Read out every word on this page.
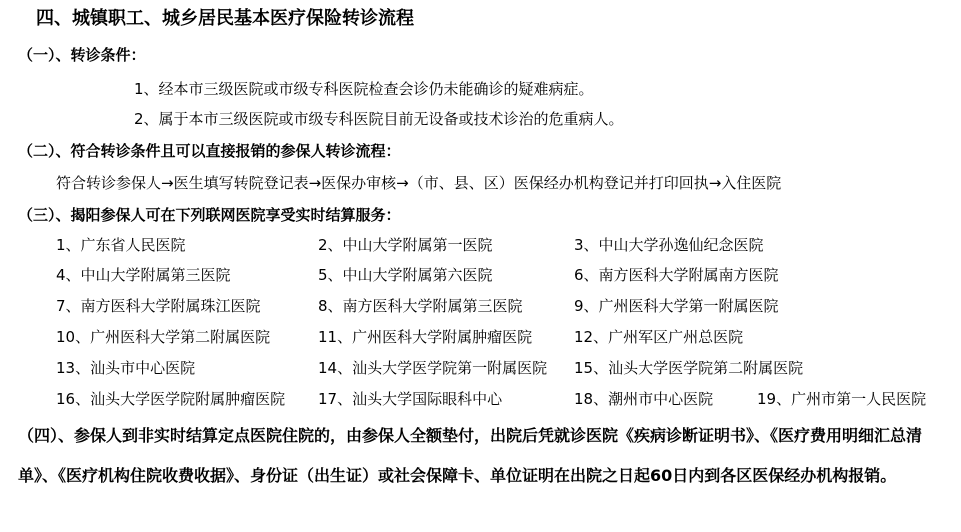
四、城镇职工、城乡居民基本医疗保险转诊流程
（一）、转诊条件：
1、经本市三级医院或市级专科医院检查会诊仍未能确诊的疑难病症。
2、属于本市三级医院或市级专科医院目前无设备或技术诊治的危重病人。
（二）、符合转诊条件且可以直接报销的参保人转诊流程：
符合转诊参保人→医生填写转院登记表→医保办审核→（市、县、区）医保经办机构登记并打印回执→入住医院
（三）、揭阳参保人可在下列联网医院享受实时结算服务：
1、广东省人民医院	2、中山大学附属第一医院	3、中山大学孙逸仙纪念医院
4、中山大学附属第三医院	5、中山大学附属第六医院	6、南方医科大学附属南方医院
7、南方医科大学附属珠江医院	8、南方医科大学附属第三医院	9、广州医科大学第一附属医院
10、广州医科大学第二附属医院	11、广州医科大学附属肿瘤医院	12、广州军区广州总医院
13、汕头市中心医院	14、汕头大学医学院第一附属医院 15、汕头大学医学院第二附属医院
16、汕头大学医学院附属肿瘤医院 17、汕头大学国际眼科中心	18、潮州市中心医院	19、广州市第一人民医院
（四）、参保人到非实时结算定点医院住院的，由参保人全额垫付，出院后凭就诊医院《疾病诊断证明书》、《医疗费用明细汇总清单》、《医疗机构住院收费收据》、身份证（出生证）或社会保障卡、单位证明在出院之日起60日内到各区医保经办机构报销。
